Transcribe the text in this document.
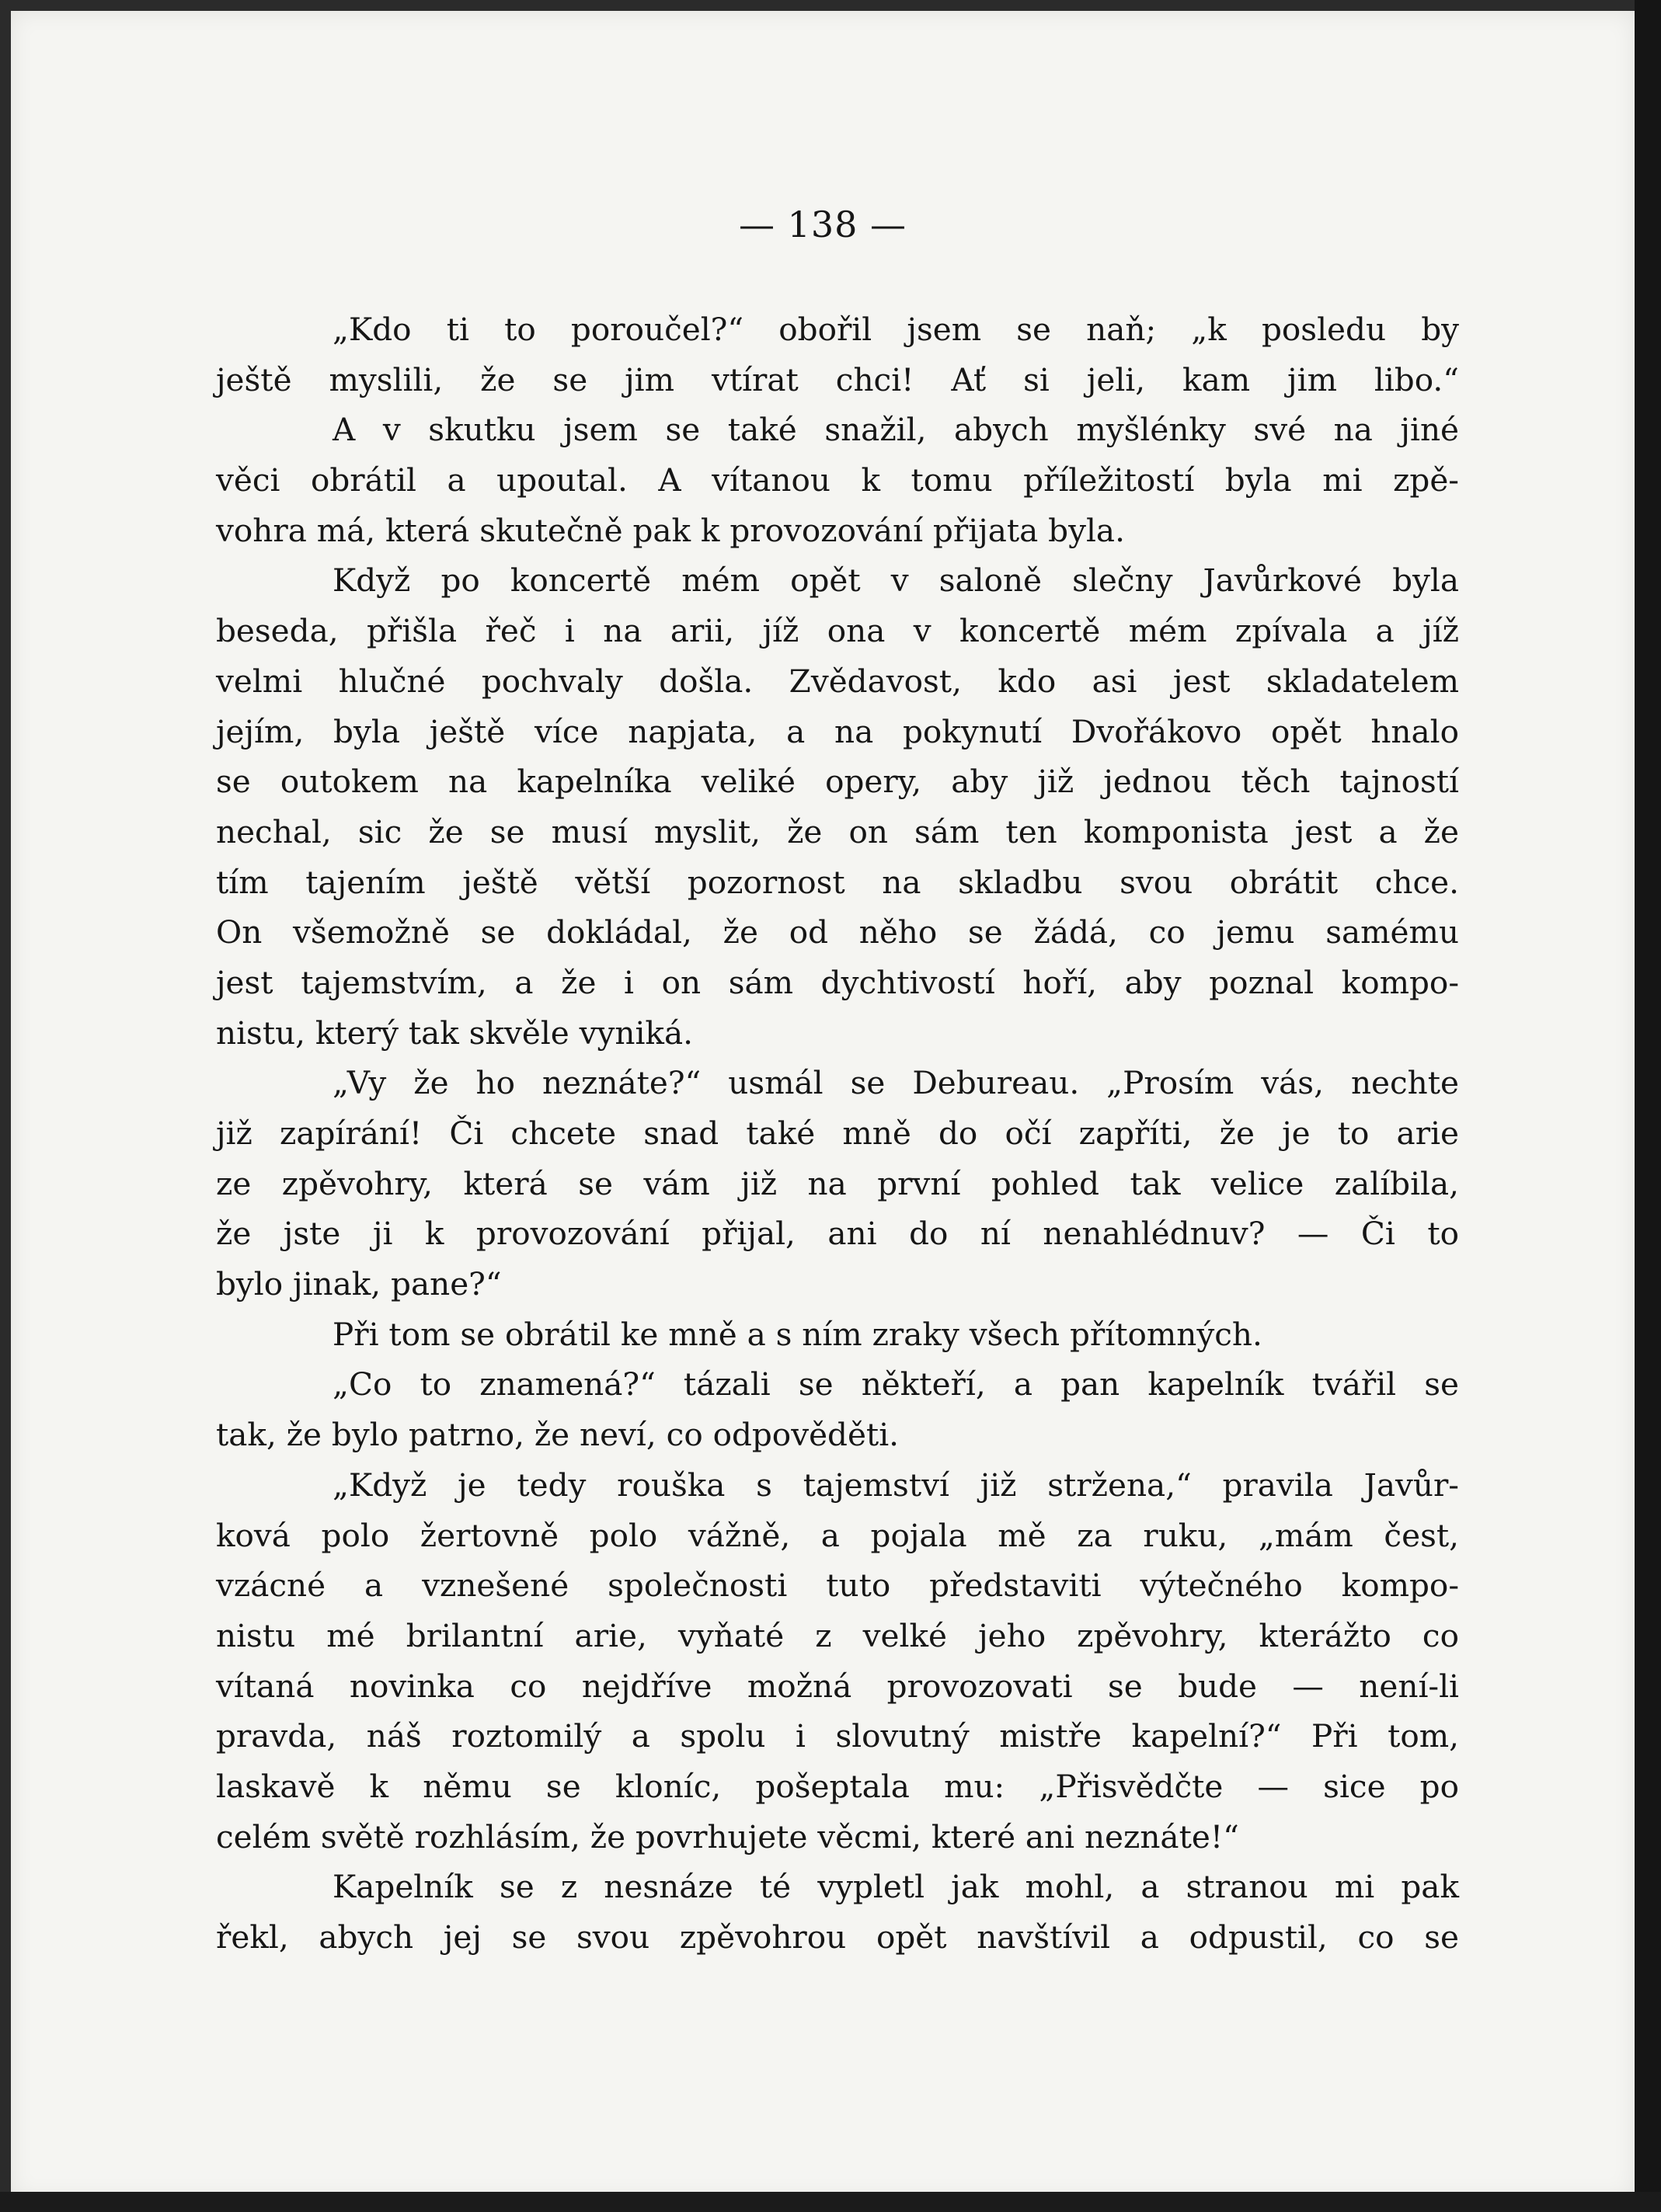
— 138 —
„Kdo ti to poroučel?“ obořil jsem se naň; „k posledu by
ještě myslili, že se jim vtírat chci! Ať si jeli, kam jim libo.“
A v skutku jsem se také snažil, abych myšlénky své na jiné
věci obrátil a upoutal. A vítanou k tomu příležitostí byla mi zpě-
vohra má, která skutečně pak k provozování přijata byla.
Když po koncertě mém opět v saloně slečny Javůrkové byla
beseda, přišla řeč i na arii, jíž ona v koncertě mém zpívala a jíž
velmi hlučné pochvaly došla. Zvědavost, kdo asi jest skladatelem
jejím, byla ještě více napjata, a na pokynutí Dvořákovo opět hnalo
se outokem na kapelníka veliké opery, aby již jednou těch tajností
nechal, sic že se musí myslit, že on sám ten komponista jest a že
tím tajením ještě větší pozornost na skladbu svou obrátit chce.
On všemožně se dokládal, že od něho se žádá, co jemu samému
jest tajemstvím, a že i on sám dychtivostí hoří, aby poznal kompo-
nistu, který tak skvěle vyniká.
„Vy že ho neznáte?“ usmál se Debureau. „Prosím vás, nechte
již zapírání! Či chcete snad také mně do očí zapříti, že je to arie
ze zpěvohry, která se vám již na první pohled tak velice zalíbila,
že jste ji k provozování přijal, ani do ní nenahlédnuv? — Či to
bylo jinak, pane?“
Při tom se obrátil ke mně a s ním zraky všech přítomných.
„Co to znamená?“ tázali se někteří, a pan kapelník tvářil se
tak, že bylo patrno, že neví, co odpověděti.
„Když je tedy rouška s tajemství již stržena,“ pravila Javůr-
ková polo žertovně polo vážně, a pojala mě za ruku, „mám čest,
vzácné a vznešené společnosti tuto představiti výtečného kompo-
nistu mé brilantní arie, vyňaté z velké jeho zpěvohry, kterážto co
vítaná novinka co nejdříve možná provozovati se bude — není-li
pravda, náš roztomilý a spolu i slovutný mistře kapelní?“ Při tom,
laskavě k němu se kloníc, pošeptala mu: „Přisvědčte — sice po
celém světě rozhlásím, že povrhujete věcmi, které ani neznáte!“
Kapelník se z nesnáze té vypletl jak mohl, a stranou mi pak
řekl, abych jej se svou zpěvohrou opět navštívil a odpustil, co se
